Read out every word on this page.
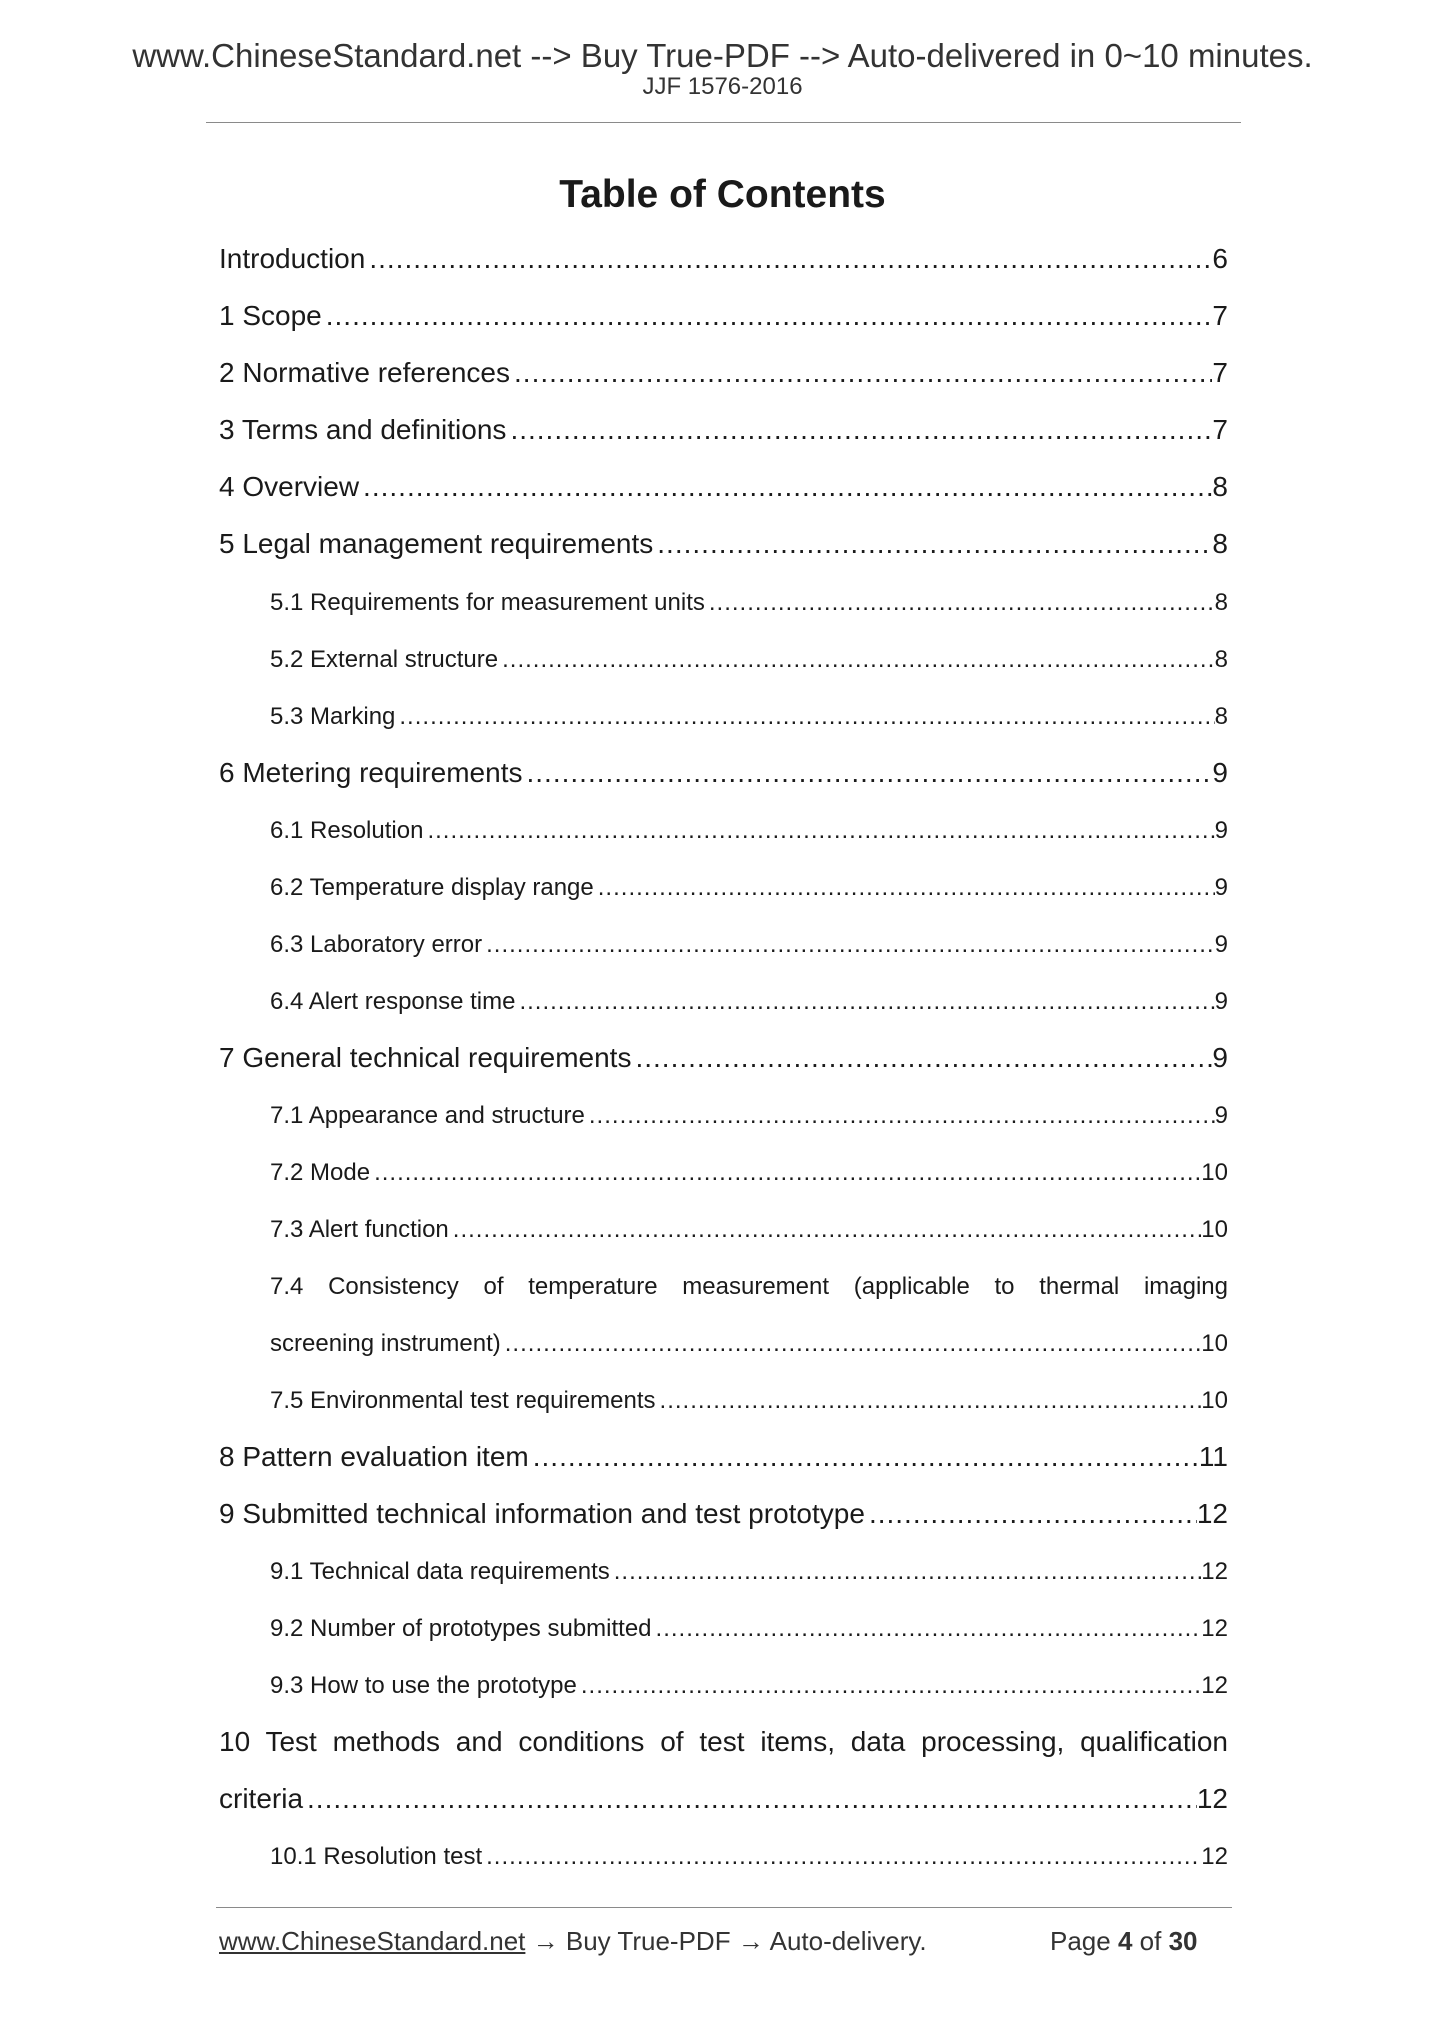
www.ChineseStandard.net --> Buy True-PDF --> Auto-delivered in 0~10 minutes.
JJF 1576-2016
Table of Contents
Introduction .....	6
1 Scope .....	7
2 Normative references .....	7
3 Terms and definitions .....	7
4 Overview .....	8
5 Legal management requirements .....	8
5.1 Requirements for measurement units .....	8
5.2 External structure .....	8
5.3 Marking .....	8
6 Metering requirements .....	9
6.1 Resolution .....	9
6.2 Temperature display range .....	9
6.3 Laboratory error .....	9
6.4 Alert response time .....	9
7 General technical requirements .....	9
7.1 Appearance and structure .....	9
7.2 Mode .....	10
7.3 Alert function .....	10
7.4 Consistency of temperature measurement (applicable to thermal imaging
screening instrument) .....	10
7.5 Environmental test requirements .....	10
8 Pattern evaluation item .....	11
9 Submitted technical information and test prototype .....	12
9.1 Technical data requirements .....	12
9.2 Number of prototypes submitted .....	12
9.3 How to use the prototype .....	12
10 Test methods and conditions of test items, data processing, qualification
criteria .....	12
10.1 Resolution test .....	12
www.ChineseStandard.net → Buy True-PDF → Auto-delivery.	Page 4 of 30
